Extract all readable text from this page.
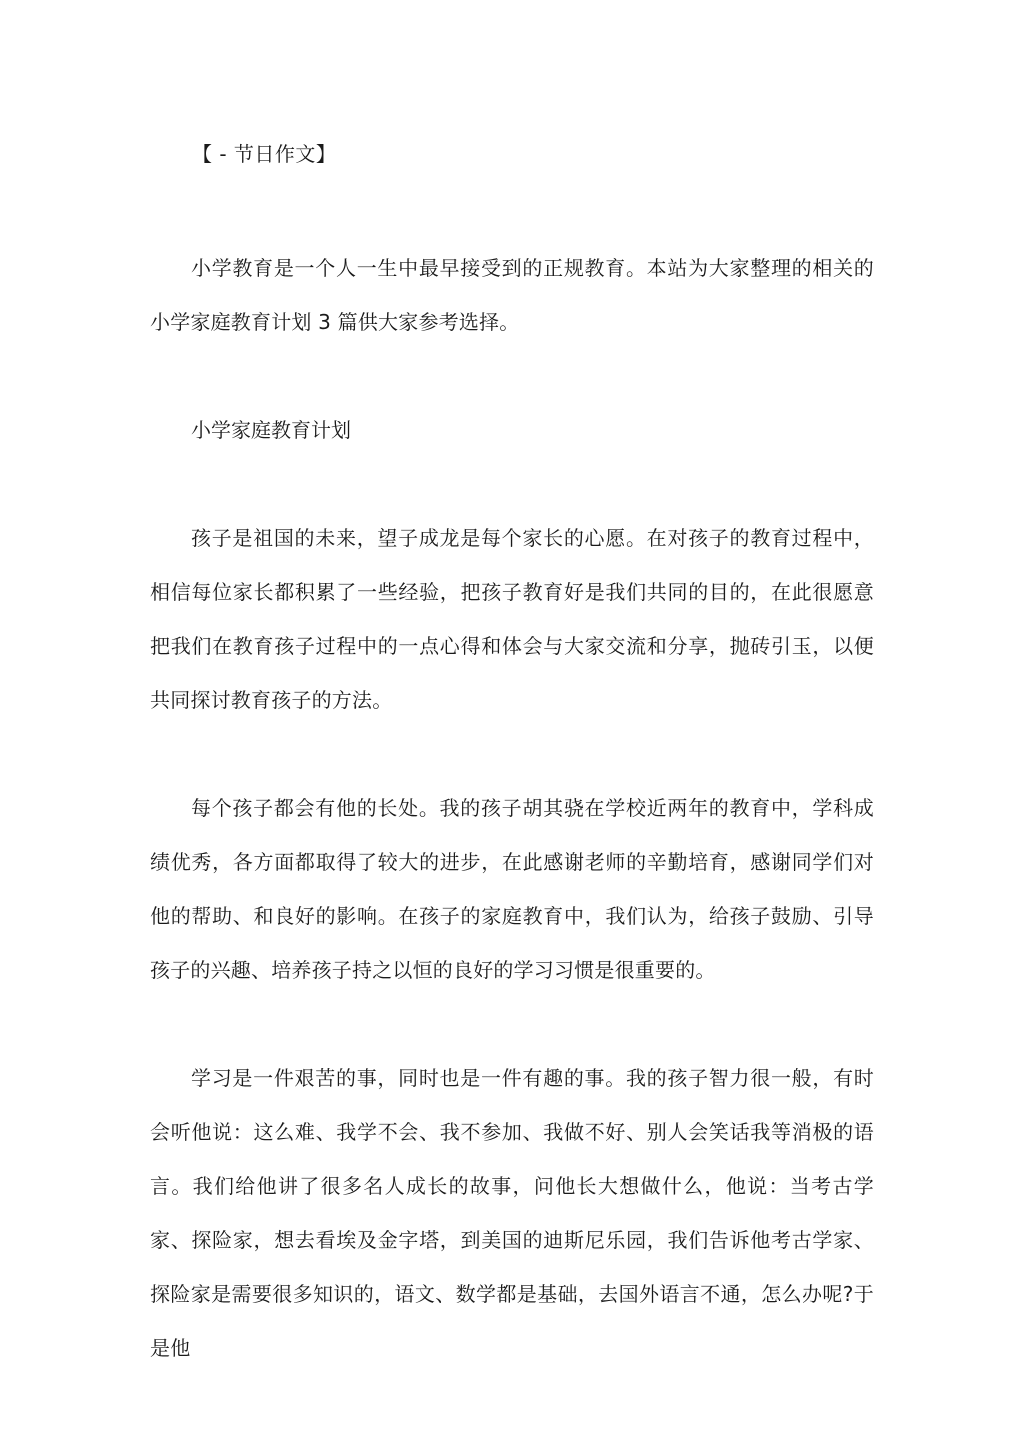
【 - 节日作文】

小学教育是一个人一生中最早接受到的正规教育。本站为大家整理的相关的小学家庭教育计划 3 篇供大家参考选择。

小学家庭教育计划

孩子是祖国的未来，望子成龙是每个家长的心愿。在对孩子的教育过程中，相信每位家长都积累了一些经验，把孩子教育好是我们共同的目的，在此很愿意把我们在教育孩子过程中的一点心得和体会与大家交流和分享，抛砖引玉，以便共同探讨教育孩子的方法。

每个孩子都会有他的长处。我的孩子胡其骁在学校近两年的教育中，学科成绩优秀，各方面都取得了较大的进步，在此感谢老师的辛勤培育，感谢同学们对他的帮助、和良好的影响。在孩子的家庭教育中，我们认为，给孩子鼓励、引导孩子的兴趣、培养孩子持之以恒的良好的学习习惯是很重要的。

学习是一件艰苦的事，同时也是一件有趣的事。我的孩子智力很一般，有时会听他说：这么难、我学不会、我不参加、我做不好、别人会笑话我等消极的语言。我们给他讲了很多名人成长的故事，问他长大想做什么，他说：当考古学家、探险家，想去看埃及金字塔，到美国的迪斯尼乐园，我们告诉他考古学家、探险家是需要很多知识的，语文、数学都是基础，去国外语言不通，怎么办呢?于是他
